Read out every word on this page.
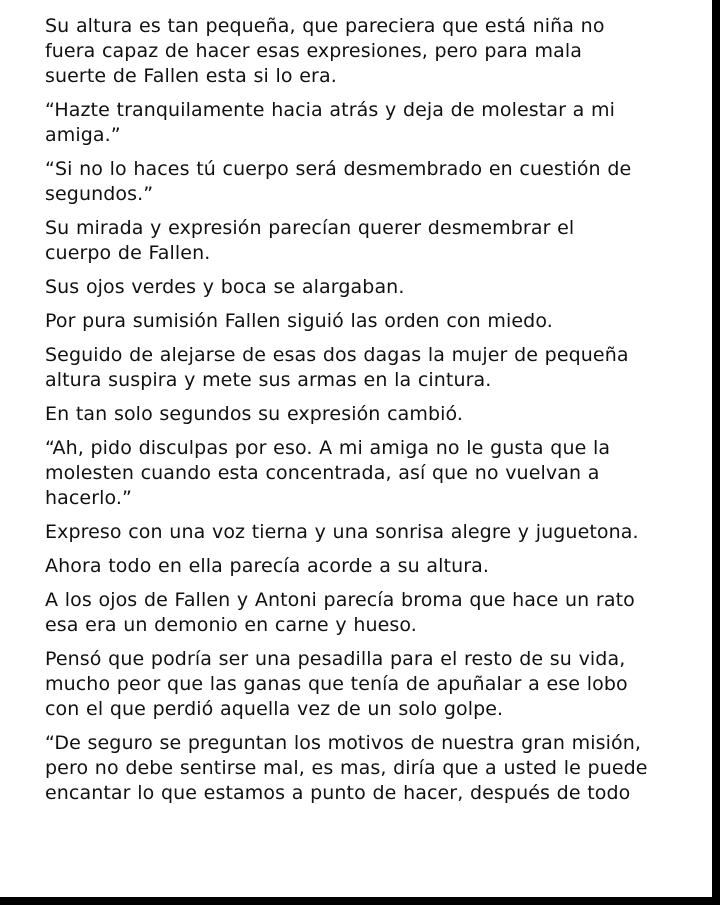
Su altura es tan pequeña, que pareciera que está niña no
fuera capaz de hacer esas expresiones, pero para mala
suerte de Fallen esta si lo era.

“Hazte tranquilamente hacia atrás y deja de molestar a mi
amiga.”

“Si no lo haces tú cuerpo será desmembrado en cuestión de
segundos.”

Su mirada y expresión parecían querer desmembrar el
cuerpo de Fallen.

Sus ojos verdes y boca se alargaban.

Por pura sumisión Fallen siguió las orden con miedo.

Seguido de alejarse de esas dos dagas la mujer de pequeña
altura suspira y mete sus armas en la cintura.

En tan solo segundos su expresión cambió.

“Ah, pido disculpas por eso. A mi amiga no le gusta que la
molesten cuando esta concentrada, así que no vuelvan a
hacerlo.”

Expreso con una voz tierna y una sonrisa alegre y juguetona.

Ahora todo en ella parecía acorde a su altura.

A los ojos de Fallen y Antoni parecía broma que hace un rato
esa era un demonio en carne y hueso.

Pensó que podría ser una pesadilla para el resto de su vida,
mucho peor que las ganas que tenía de apuñalar a ese lobo
con el que perdió aquella vez de un solo golpe.

“De seguro se preguntan los motivos de nuestra gran misión,
pero no debe sentirse mal, es mas, diría que a usted le puede
encantar lo que estamos a punto de hacer, después de todo
